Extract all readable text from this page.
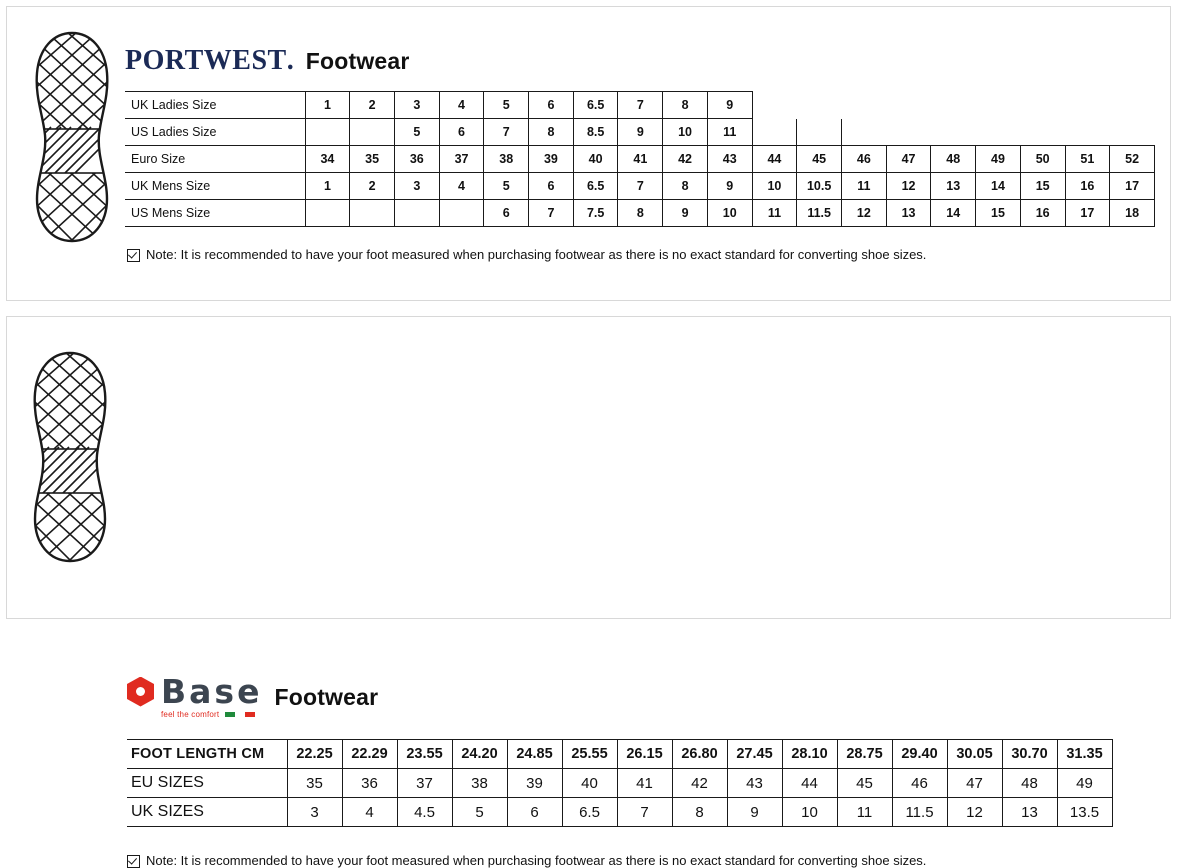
PORTWEST . Footwear
UK Ladies Size	1	2	3	4	5	6	6.5	7	8	9									
US Ladies Size			5	6	7	8	8.5	9	10	11									
Euro Size	34	35	36	37	38	39	40	41	42	43	44	45	46	47	48	49	50	51	52
UK Mens Size	1	2	3	4	5	6	6.5	7	8	9	10	10.5	11	12	13	14	15	16	17
US Mens Size					6	7	7.5	8	9	10	11	11.5	12	13	14	15	16	17	18
Note: It is recommended to have your foot measured when purchasing footwear as there is no exact standard for converting shoe sizes.
Base
feel the comfort
Footwear
FOOT LENGTH CM	22.25	22.29	23.55	24.20	24.85	25.55	26.15	26.80	27.45	28.10	28.75	29.40	30.05	30.70	31.35
EU SIZES	35	36	37	38	39	40	41	42	43	44	45	46	47	48	49
UK SIZES	3	4	4.5	5	6	6.5	7	8	9	10	11	11.5	12	13	13.5
Note: It is recommended to have your foot measured when purchasing footwear as there is no exact standard for converting shoe sizes.
